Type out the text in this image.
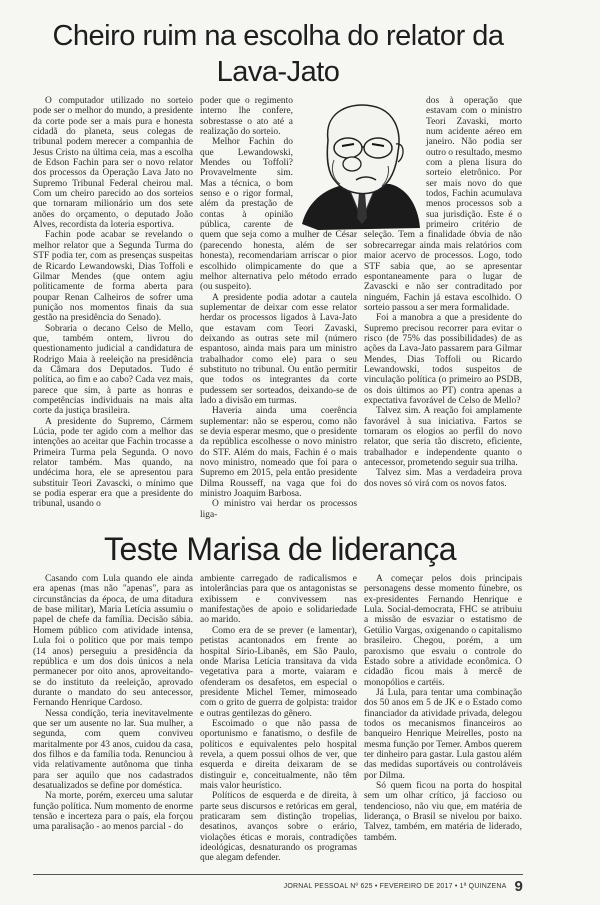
Cheiro ruim na escolha do relator da Lava-Jato

O computador utilizado no sorteio pode ser o melhor do mundo, a presidente da corte pode ser a mais pura e honesta cidadã do planeta, seus colegas de tribunal podem merecer a companhia de Jesus Cristo na última ceia, mas a escolha de Edson Fachin para ser o novo relator dos processos da Operação Lava Jato no Supremo Tribunal Federal cheirou mal. Com um cheiro parecido ao dos sorteios que tornaram milionário um dos sete anões do orçamento, o deputado João Alves, recordista da loteria esportiva.

Fachin pode acabar se revelando o melhor relator que a Segunda Turma do STF podia ter, com as presenças suspeitas de Ricardo Lewandowski, Dias Toffoli e Gilmar Mendes (que ontem agiu politicamente de forma aberta para poupar Renan Calheiros de sofrer uma punição nos momentos finais da sua gestão na presidência do Senado).

Sobraria o decano Celso de Mello, que, também ontem, livrou do questionamento judicial a candidatura de Rodrigo Maia à reeleição na presidência da Câmara dos Deputados. Tudo é política, ao fim e ao cabo? Cada vez mais, parece que sim, à parte as honras e competências individuais na mais alta corte da justiça brasileira.

A presidente do Supremo, Cármem Lúcia, pode ter agido com a melhor das intenções ao aceitar que Fachin trocasse a Primeira Turma pela Segunda. O novo relator também. Mas quando, na undécima hora, ele se apresentou para substituir Teori Zavascki, o mínimo que se podia esperar era que a presidente do tribunal, usando o

poder que o regimento interno lhe confere, sobrestasse o ato até a realização do sorteio.

Melhor Fachin do que Lewandowski, Mendes ou Toffoli? Provavelmente sim. Mas a técnica, o bom senso e o rigor formal, além da prestação de contas à opinião pública, carente de quem que seja como a mulher de César (parecendo honesta, além de ser honesta), recomendariam arriscar o pior escolhido olimpicamente do que a melhor alternativa pelo método errado (ou suspeito).

A presidente podia adotar a cautela suplementar de deixar com esse relator herdar os processos ligados à Lava-Jato que estavam com Teori Zavaski, deixando as outras sete mil (número espantoso, ainda mais para um ministro trabalhador como ele) para o seu substituto no tribunal. Ou então permitir que todos os integrantes da corte pudessem ser sorteados, deixando-se de lado a divisão em turmas.

Haveria ainda uma coerência suplementar: não se esperou, como não se devia esperar mesmo, que o presidente da república escolhesse o novo ministro do STF. Além do mais, Fachin é o mais novo ministro, nomeado que foi para o Supremo em 2015, pela então presidente Dilma Rousseff, na vaga que foi do ministro Joaquim Barbosa.

O ministro vai herdar os processos liga-

dos à operação que estavam com o ministro Teori Zavaski, morto num acidente aéreo em janeiro. Não podia ser outro o resultado, mesmo com a plena lisura do sorteio eletrônico. Por ser mais novo do que todos, Fachin acumulava menos processos sob a sua jurisdição. Este é o primeiro critério de seleção. Tem a finalidade óbvia de não sobrecarregar ainda mais relatórios com maior acervo de processos. Logo, todo STF sabia que, ao se apresentar espontaneamente para o lugar de Zavascki e não ser contraditado por ninguém, Fachin já estava escolhido. O sorteio passou a ser mera formalidade.

Foi a manobra a que a presidente do Supremo precisou recorrer para evitar o risco (de 75% das possibilidades) de as ações da Lava-Jato passarem para Gilmar Mendes, Dias Toffoli ou Ricardo Lewandowski, todos suspeitos de vinculação política (o primeiro ao PSDB, os dois últimos ao PT) contra apenas a expectativa favorável de Celso de Mello?

Talvez sim. A reação foi amplamente favorável à sua iniciativa. Fartos se tornaram os elogios ao perfil do novo relator, que seria tão discreto, eficiente, trabalhador e independente quanto o antecessor, prometendo seguir sua trilha.

Talvez sim. Mas a verdadeira prova dos noves só virá com os novos fatos.

Teste Marisa de liderança

Casando com Lula quando ele ainda era apenas (mas não "apenas", para as circunstâncias da época, de uma ditadura de base militar), Maria Letícia assumiu o papel de chefe da família. Decisão sábia. Homem público com atividade intensa, Lula foi o político que por mais tempo (14 anos) perseguiu a presidência da república e um dos dois únicos a nela permanecer por oito anos, aproveitando-se do instituto da reeleição, aprovado durante o mandato do seu antecessor, Fernando Henrique Cardoso.

Nessa condição, teria inevitavelmente que ser um ausente no lar. Sua mulher, a segunda, com quem conviveu maritalmente por 43 anos, cuidou da casa, dos filhos e da família toda. Renunciou à vida relativamente autônoma que tinha para ser aquilo que nos cadastrados desatualizados se define por doméstica.

Na morte, porém, exerceu uma salutar função política. Num momento de enorme tensão e incerteza para o país, ela forçou uma paralisação - ao menos parcial - do

ambiente carregado de radicalismos e intolerâncias para que os antagonistas se exibissem e convivessem nas manifestações de apoio e solidariedade ao marido.

Como era de se prever (e lamentar), petistas acantonados em frente ao hospital Sírio-Libanês, em São Paulo, onde Marisa Letícia transitava da vida vegetativa para a morte, vaiaram e ofenderam os desafetos, em especial o presidente Michel Temer, mimoseado com o grito de guerra de golpista: traidor e outras gentilezas do gênero.

Escoimado o que não passa de oportunismo e fanatismo, o desfile de políticos e equivalentes pelo hospital revela, a quem possui olhos de ver, que esquerda e direita deixaram de se distinguir e, conceitualmente, não têm mais valor heurístico.

Políticos de esquerda e de direita, à parte seus discursos e retóricas em geral, praticaram sem distinção tropelias, desatinos, avanços sobre o erário, violações éticas e morais, contradições ideológicas, desnaturando os programas que alegam defender.

A começar pelos dois principais personagens desse momento fúnebre, os ex-presidentes Fernando Henrique e Lula. Social-democrata, FHC se atribuiu a missão de esvaziar o estatismo de Getúlio Vargas, oxigenando o capitalismo brasileiro. Chegou, porém, a um paroxismo que esvaiu o controle do Estado sobre a atividade econômica. O cidadão ficou mais à mercê de monopólios e cartéis.

Já Lula, para tentar uma combinação dos 50 anos em 5 de JK e o Estado como financiador da atividade privada, delegou todos os mecanismos financeiros ao banqueiro Henrique Meirelles, posto na mesma função por Temer. Ambos querem ter dinheiro para gastar. Lula gastou além das medidas suportáveis ou controláveis por Dilma.

Só quem ficou na porta do hospital sem um olhar crítico, já faccioso ou tendencioso, não viu que, em matéria de liderança, o Brasil se nivelou por baixo. Talvez, também, em matéria de liderado, também.

JORNAL PESSOAL Nº 625 • FEVEREIRO DE 2017 • 1ª QUINZENA 9
